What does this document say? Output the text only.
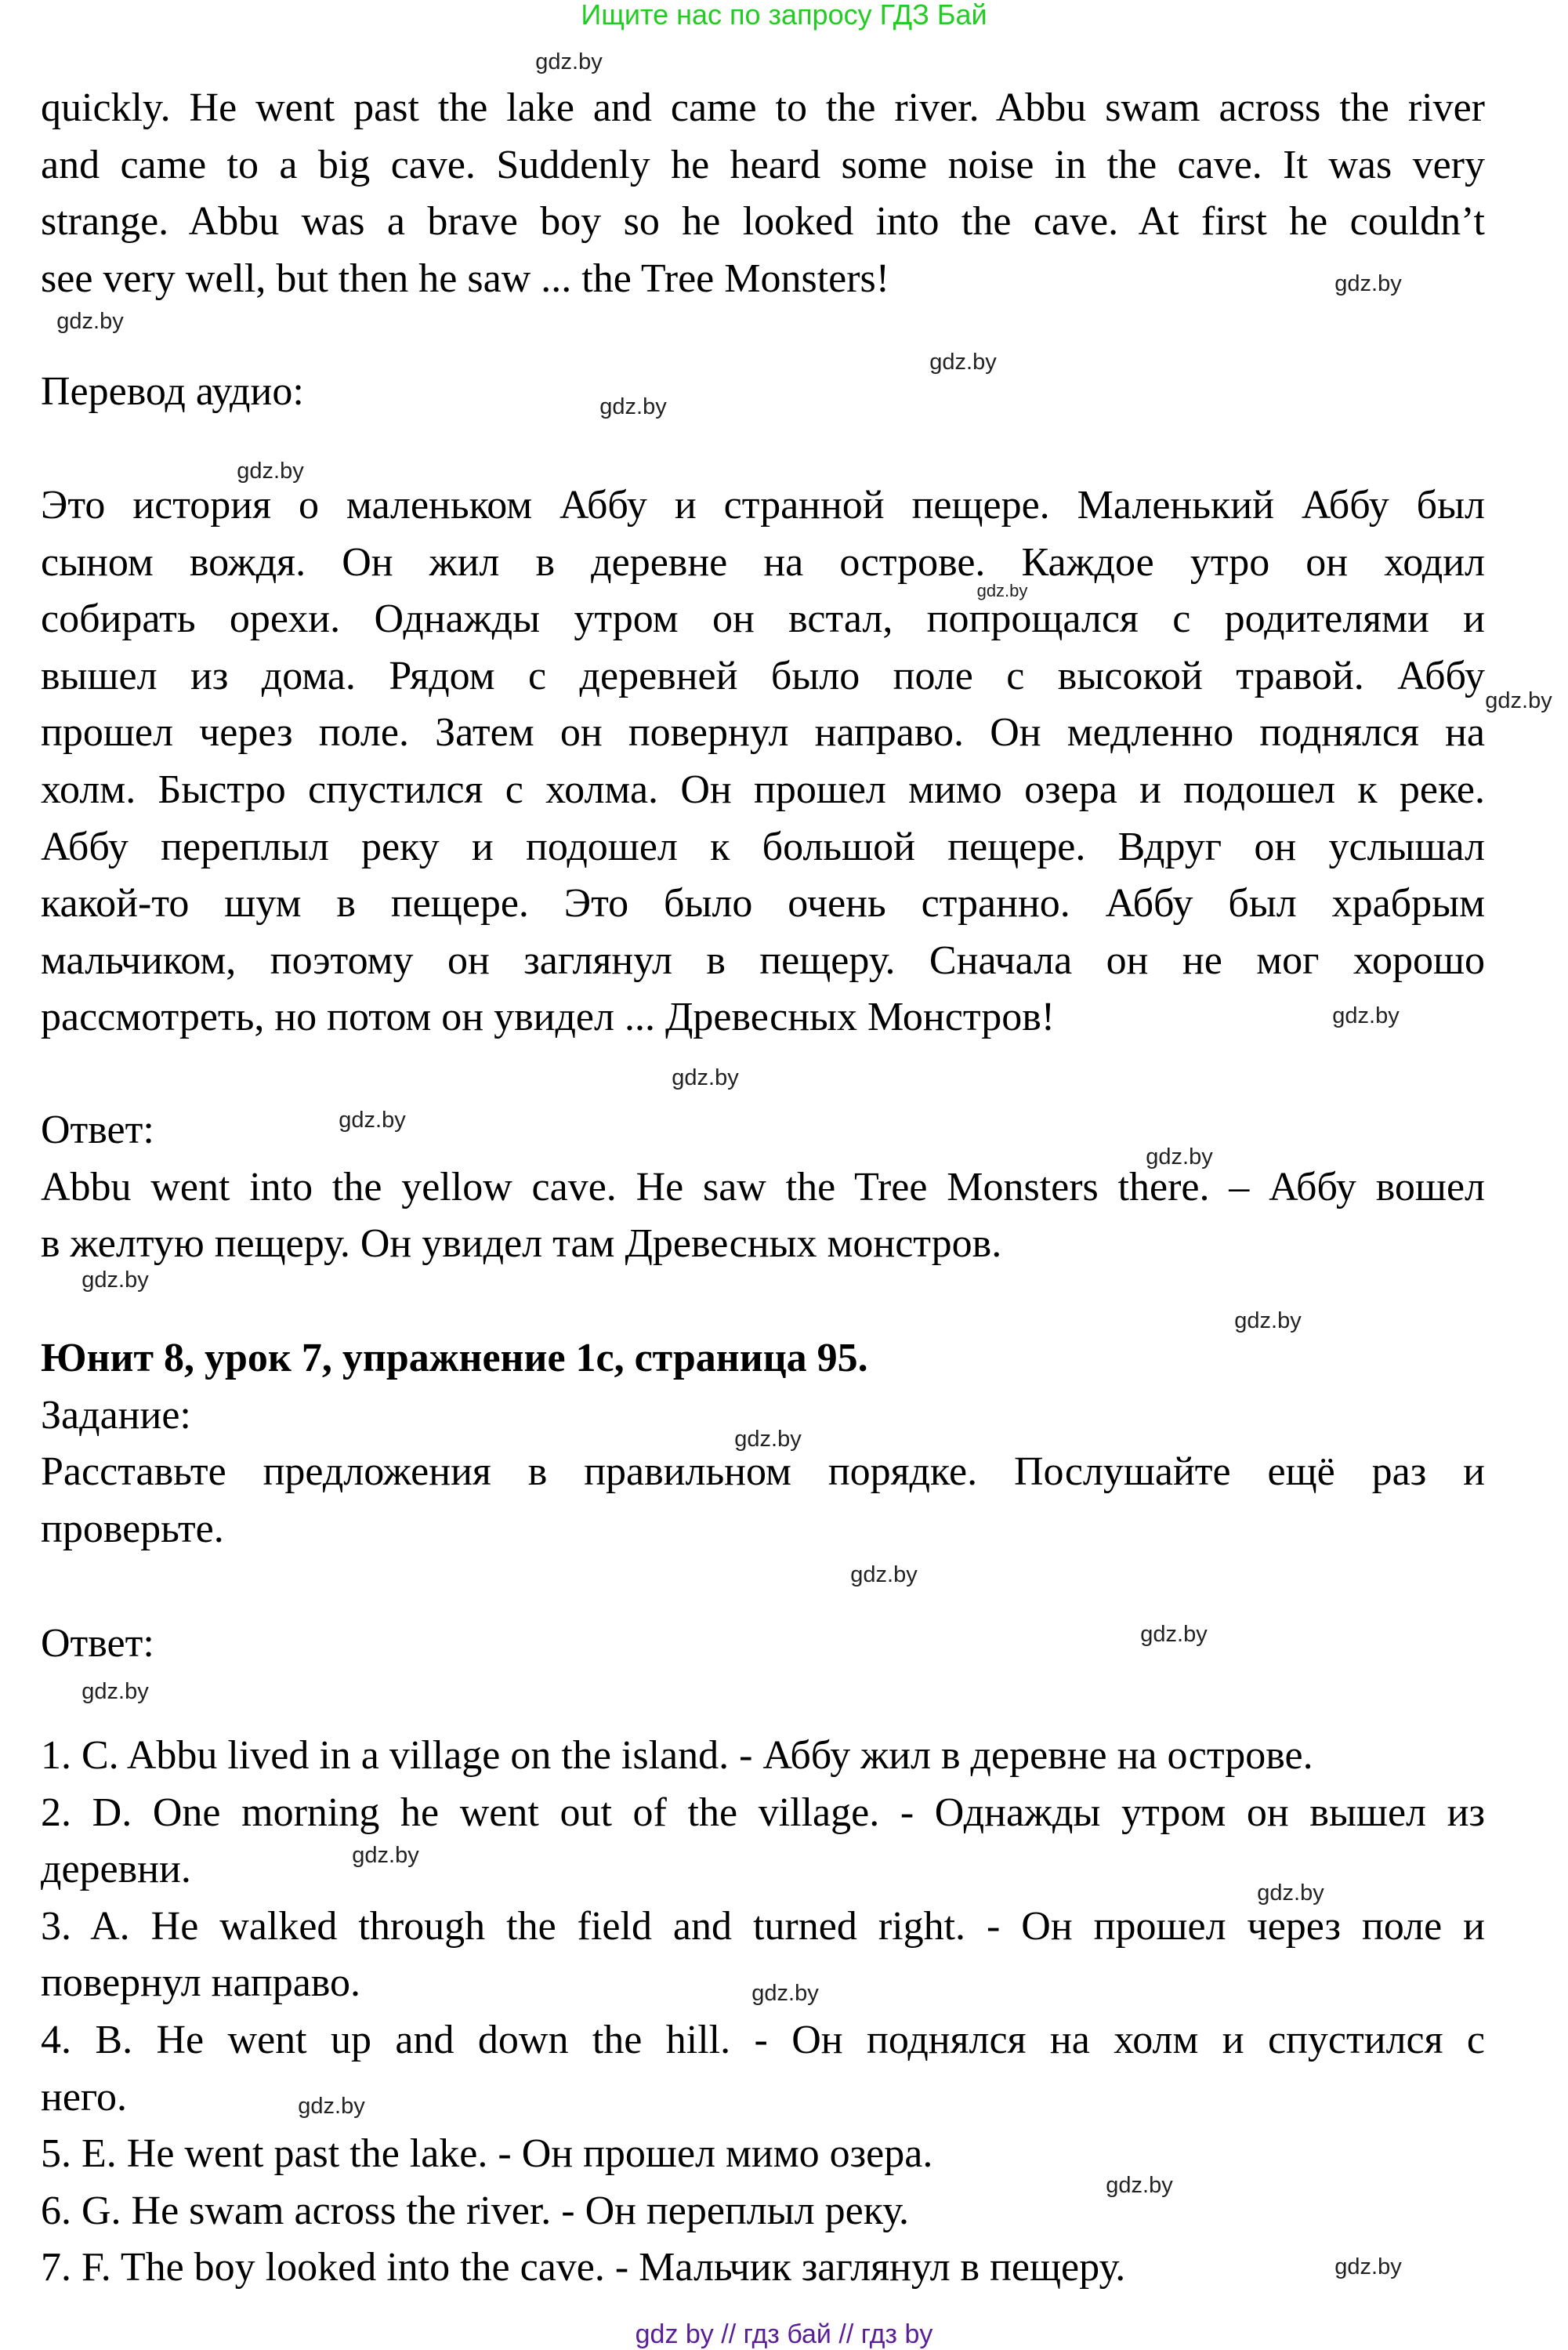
Ищите нас по запросу ГДЗ Бай
quickly. He went past the lake and came to the river. Abbu swam across the river
and came to a big cave. Suddenly he heard some noise in the cave. It was very
strange. Abbu was a brave boy so he looked into the cave. At first he couldn’t
see very well, but then he saw ... the Tree Monsters!
Перевод аудио:
Это история о маленьком Аббу и странной пещере. Маленький Аббу был
сыном вождя. Он жил в деревне на острове. Каждое утро он ходил
собирать орехи. Однажды утром он встал, попрощался с родителями и
вышел из дома. Рядом с деревней было поле с высокой травой. Аббу
прошел через поле. Затем он повернул направо. Он медленно поднялся на
холм. Быстро спустился с холма. Он прошел мимо озера и подошел к реке.
Аббу переплыл реку и подошел к большой пещере. Вдруг он услышал
какой-то шум в пещере. Это было очень странно. Аббу был храбрым
мальчиком, поэтому он заглянул в пещеру. Сначала он не мог хорошо
рассмотреть, но потом он увидел ... Древесных Монстров!
Ответ:
Abbu went into the yellow cave. He saw the Tree Monsters there. – Аббу вошел
в желтую пещеру. Он увидел там Древесных монстров.
Юнит 8, урок 7, упражнение 1с, страница 95.
Задание:
Расставьте предложения в правильном порядке. Послушайте ещё раз и
проверьте.
Ответ:
1. C. Abbu lived in a village on the island. - Аббу жил в деревне на острове.
2. D. One morning he went out of the village. - Однажды утром он вышел из
деревни.
3. A. He walked through the field and turned right. - Он прошел через поле и
повернул направо.
4. B. He went up and down the hill. - Он поднялся на холм и спустился с
него.
5. E. He went past the lake. - Он прошел мимо озера.
6. G. He swam across the river. - Он переплыл реку.
7. F. The boy looked into the cave. - Мальчик заглянул в пещеру.
gdz.by
gdz.by
gdz.by
gdz.by
gdz.by
gdz.by
gdz.by
gdz.by
gdz.by
gdz.by
gdz.by
gdz.by
gdz.by
gdz.by
gdz.by
gdz.by
gdz.by
gdz.by
gdz.by
gdz.by
gdz.by
gdz.by
gdz.by
gdz.by
gdz by // гдз бай // гдз by
